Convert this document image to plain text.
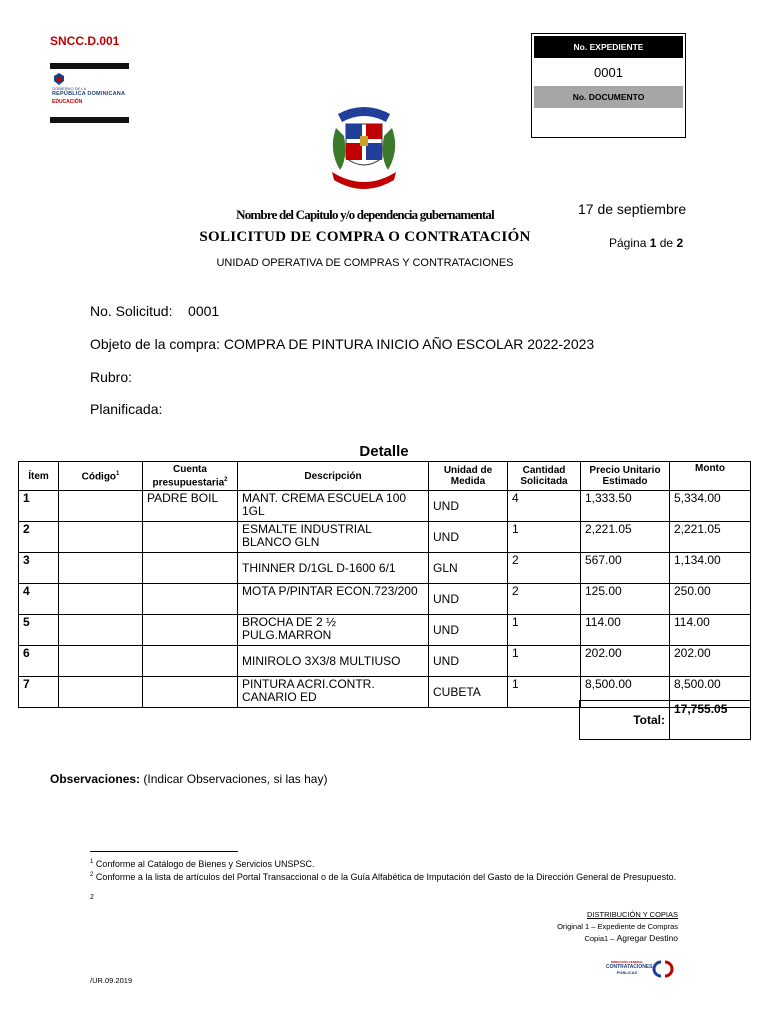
SNCC.D.001
GOBIERNO DE LA
REPÚBLICA DOMINICANA
EDUCACIÓN
No. EXPEDIENTE
0001
No. DOCUMENTO
Nombre del Capitulo y/o dependencia gubernamental
SOLICITUD DE COMPRA O CONTRATACIÓN
UNIDAD OPERATIVA DE COMPRAS Y CONTRATACIONES
17 de septiembre
Página 1 de 2
No. Solicitud: 0001
Objeto de la compra: COMPRA DE PINTURA INICIO AÑO ESCOLAR 2022-2023
Rubro:
Planificada:
Detalle
Ítem	Código$^1$	Cuenta presupuestaria$^2$	Descripción	Unidad de Medida	Cantidad Solicitada	Precio Unitario Estimado	Monto
1		PADRE BOIL	MANT. CREMA ESCUELA 100 1GL	UND	4	1,333.50	5,334.00
2			ESMALTE INDUSTRIAL BLANCO GLN	UND	1	2,221.05	2,221.05
3			THINNER D/1GL D-1600 6/1	GLN	2	567.00	1,134.00
4			MOTA P/PINTAR ECON.723/200	UND	2	125.00	250.00
5			BROCHA DE 2 ½ PULG.MARRON	UND	1	114.00	114.00
6			MINIROLO 3X3/8 MULTIUSO	UND	1	202.00	202.00
7			PINTURA ACRI.CONTR. CANARIO ED	CUBETA	1	8,500.00	8,500.00
Total:	17,755.05
Observaciones: (Indicar Observaciones, si las hay)
$^1$ Conforme al Catálogo de Bienes y Servicios UNSPSC.
$^2$ Conforme a la lista de artículos del Portal Transaccional o de la Guía Alfabética de Imputación del Gasto de la Dirección General de Presupuesto.
2
DISTRIBUCIÓN Y COPIAS
Original 1 – Expediente de Compras
Copia1 – Agregar Destino
DIRECCIÓN GENERAL
CONTRATACIONES
PÚBLICAS
/UR.09.2019
